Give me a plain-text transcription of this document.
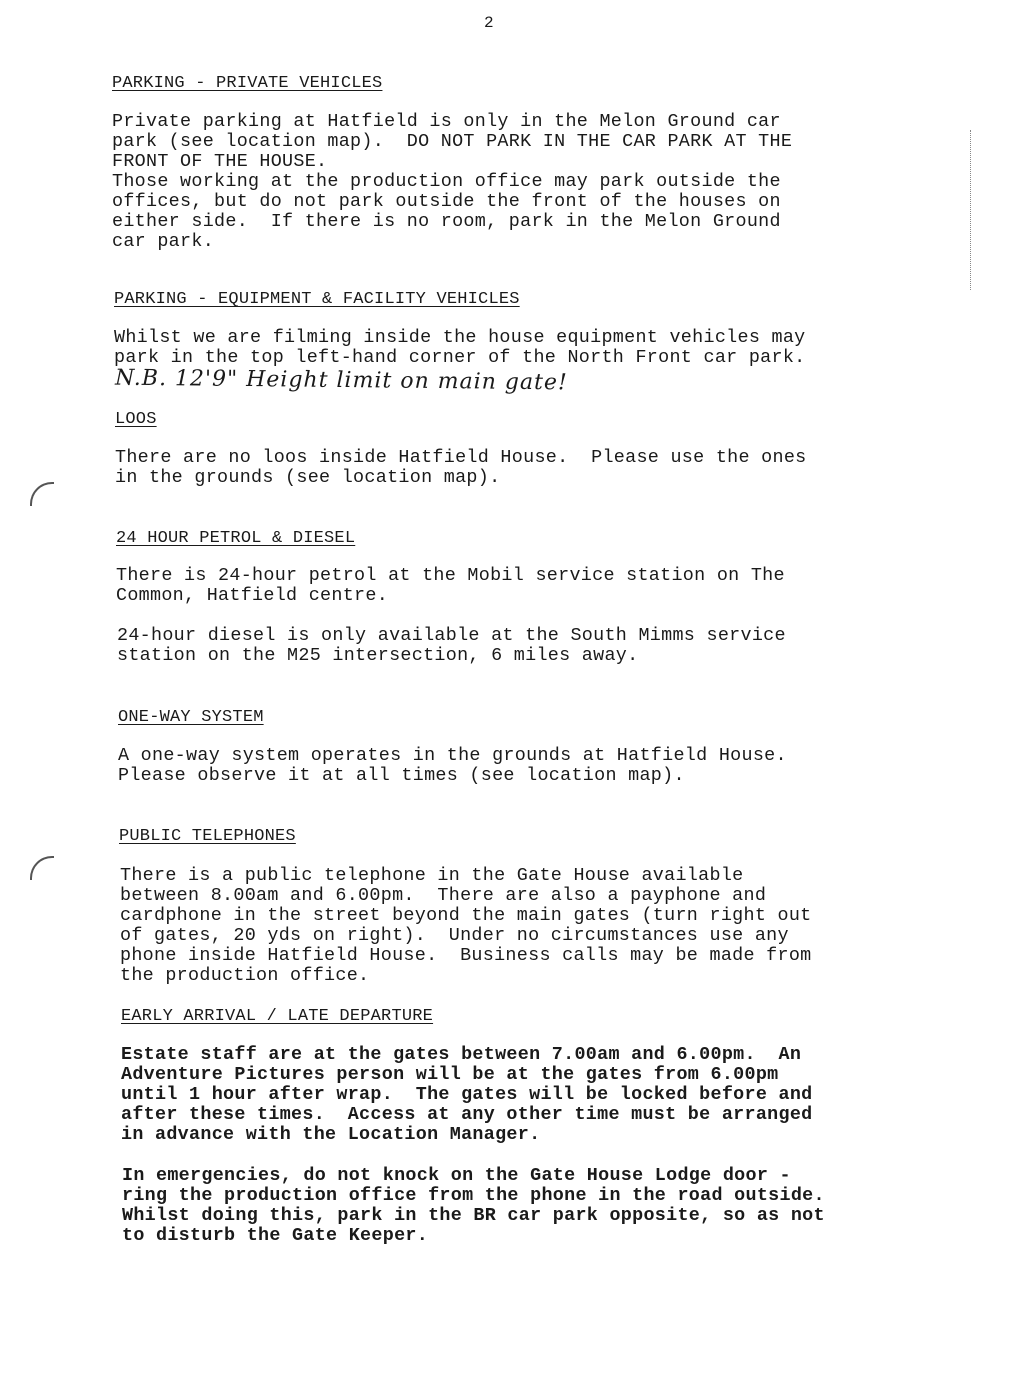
2
PARKING - PRIVATE VEHICLES

Private parking at Hatfield is only in the Melon Ground car
park (see location map).  DO NOT PARK IN THE CAR PARK AT THE
FRONT OF THE HOUSE.
Those working at the production office may park outside the
offices, but do not park outside the front of the houses on
either side.  If there is no room, park in the Melon Ground
car park.

PARKING - EQUIPMENT & FACILITY VEHICLES

Whilst we are filming inside the house equipment vehicles may
park in the top left-hand corner of the North Front car park.

N.B. 12'9" Height limit on main gate!
LOOS

There are no loos inside Hatfield House.  Please use the ones
in the grounds (see location map).

24 HOUR PETROL & DIESEL

There is 24-hour petrol at the Mobil service station on The
Common, Hatfield centre.

24-hour diesel is only available at the South Mimms service
station on the M25 intersection, 6 miles away.

ONE-WAY SYSTEM

A one-way system operates in the grounds at Hatfield House.
Please observe it at all times (see location map).

PUBLIC TELEPHONES

There is a public telephone in the Gate House available
between 8.00am and 6.00pm.  There are also a payphone and
cardphone in the street beyond the main gates (turn right out
of gates, 20 yds on right).  Under no circumstances use any
phone inside Hatfield House.  Business calls may be made from
the production office.

EARLY ARRIVAL / LATE DEPARTURE

Estate staff are at the gates between 7.00am and 6.00pm.  An
Adventure Pictures person will be at the gates from 6.00pm
until 1 hour after wrap.  The gates will be locked before and
after these times.  Access at any other time must be arranged
in advance with the Location Manager.

In emergencies, do not knock on the Gate House Lodge door -
ring the production office from the phone in the road outside.
Whilst doing this, park in the BR car park opposite, so as not
to disturb the Gate Keeper.
